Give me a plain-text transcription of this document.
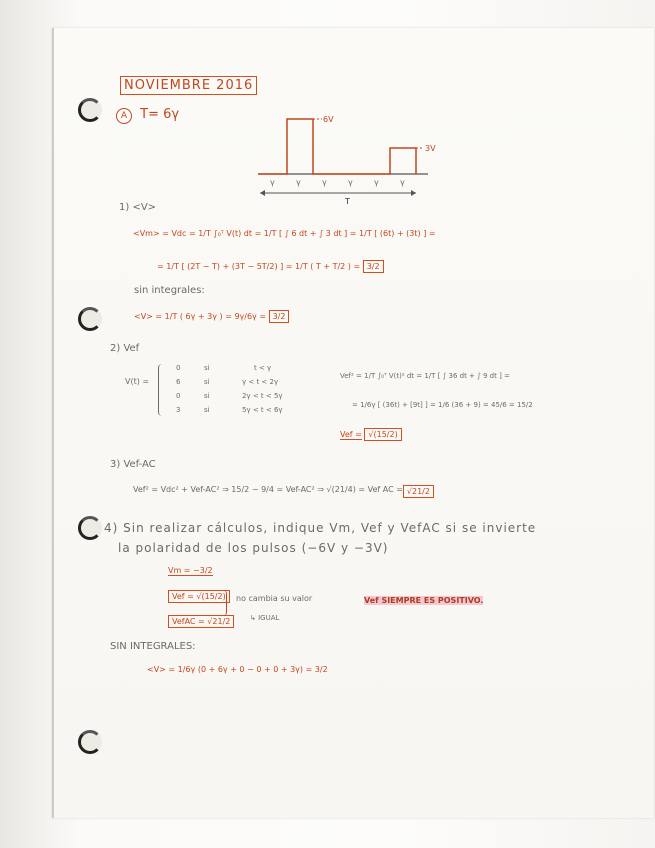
NOVIEMBRE 2016
A T= 6γ	6V
3V
γ	γ	γ	γ	γ	γ
T
1) <V>
<Vm> = Vdc = 1/T ∫₀ᵀ V(t) dt = 1/T [ ∫ 6 dt + ∫ 3 dt ] = 1/T [ (6t) + (3t) ] =
= 1/T [ (2T − T) + (3T − 5T/2) ] = 1/T ( T + T/2 ) = 3/2
sin integrales:
<V> = 1/T ( 6γ + 3γ ) = 9γ/6γ = 3/2
2) Vef
V(t) =
0	si	t < γ
6	si	γ < t < 2γ
0	si	2γ < t < 5γ
3	si	5γ < t < 6γ
Vef² = 1/T ∫₀ᵀ V(t)² dt = 1/T [ ∫ 36 dt + ∫ 9 dt ] =
= 1/6γ [ (36t) + [9t] ] = 1/6 (36 + 9) = 45/6 = 15/2
Vef = √(15/2)
3) Vef-AC
Vef² = Vdc² + Vef-AC² ⇒ 15/2 − 9/4 = Vef-AC² ⇒ √(21/4) = Vef AC = √21/2
4) Sin realizar cálculos, indique Vm, Vef y VefAC si se invierte
la polaridad de los pulsos (−6V y −3V)
Vm = −3/2
Vef = √(15/2)
VefAC = √21/2
no cambia su valor
↳ IGUAL
Vef SIEMPRE ES POSITIVO.
SIN INTEGRALES:
<V> = 1/6γ (0 + 6γ + 0 − 0 + 0 + 3γ) = 3/2
